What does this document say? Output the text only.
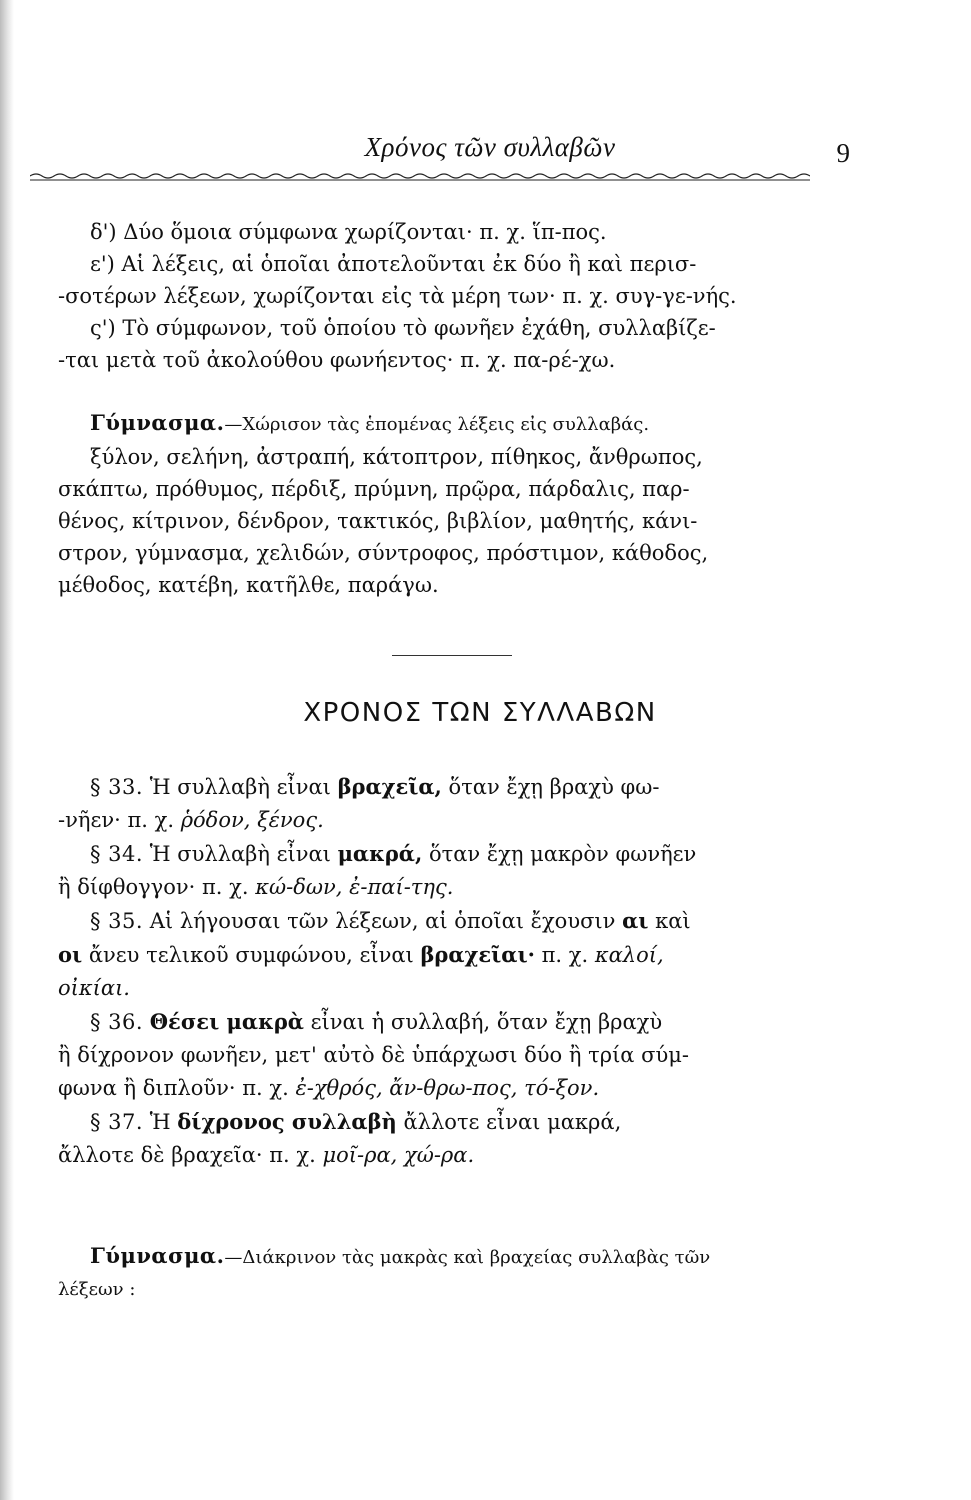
Χρόνος τῶν συλλαβῶν	9
δ') Δύο ὅμοια σύμφωνα χωρίζονται· π. χ. ἵπ-πος.
ε') Αἱ λέξεις, αἱ ὁποῖαι ἀποτελοῦνται ἐκ δύο ἢ καὶ περισ-
-σοτέρων λέξεων, χωρίζονται εἰς τὰ μέρη των· π. χ. συγ-γε-νής.
ς') Τὸ σύμφωνον, τοῦ ὁποίου τὸ φωνῆεν ἐχάθη, συλλαβίζε-
-ται μετὰ τοῦ ἀκολούθου φωνήεντος· π. χ. πα-ρέ-χω.
Γύμνασμα.—Χώρισον τὰς ἑπομένας λέξεις εἰς συλλαβάς.
ξύλον, σελήνη, ἀστραπή, κάτοπτρον, πίθηκος, ἄνθρωπος,
σκάπτω, πρόθυμος, πέρδιξ, πρύμνη, πρῷρα, πάρδαλις, παρ-
θένος, κίτρινον, δένδρον, τακτικός, βιβλίον, μαθητής, κάνι-
στρον, γύμνασμα, χελιδών, σύντροφος, πρόστιμον, κάθοδος,
μέθοδος, κατέβη, κατῆλθε, παράγω.
ΧΡΟΝΟΣ ΤΩΝ ΣΥΛΛΑΒΩΝ
§ 33. Ἡ συλλαβὴ εἶναι βραχεῖα, ὅταν ἔχῃ βραχὺ φω-
-νῆεν· π. χ. ῥόδον, ξένος.
§ 34. Ἡ συλλαβὴ εἶναι μακρά, ὅταν ἔχῃ μακρὸν φωνῆεν
ἢ δίφθογγον· π. χ. κώ-δων, ἐ-παί-της.
§ 35. Αἱ λήγουσαι τῶν λέξεων, αἱ ὁποῖαι ἔχουσιν αι καὶ
οι ἄνευ τελικοῦ συμφώνου, εἶναι βραχεῖαι· π. χ. καλοί,
οἰκίαι.
§ 36. Θέσει μακρὰ εἶναι ἡ συλλαβή, ὅταν ἔχῃ βραχὺ
ἢ δίχρονον φωνῆεν, μετ' αὐτὸ δὲ ὑπάρχωσι δύο ἢ τρία σύμ-
φωνα ἢ διπλοῦν· π. χ. ἐ-χθρός, ἄν-θρω-πος, τό-ξον.
§ 37. Ἡ δίχρονος συλλαβὴ ἄλλοτε εἶναι μακρά,
ἄλλοτε δὲ βραχεῖα· π. χ. μοῖ-ρα, χώ-ρα.
Γύμνασμα.—Διάκρινον τὰς μακρὰς καὶ βραχείας συλλαβὰς τῶν
λέξεων :
